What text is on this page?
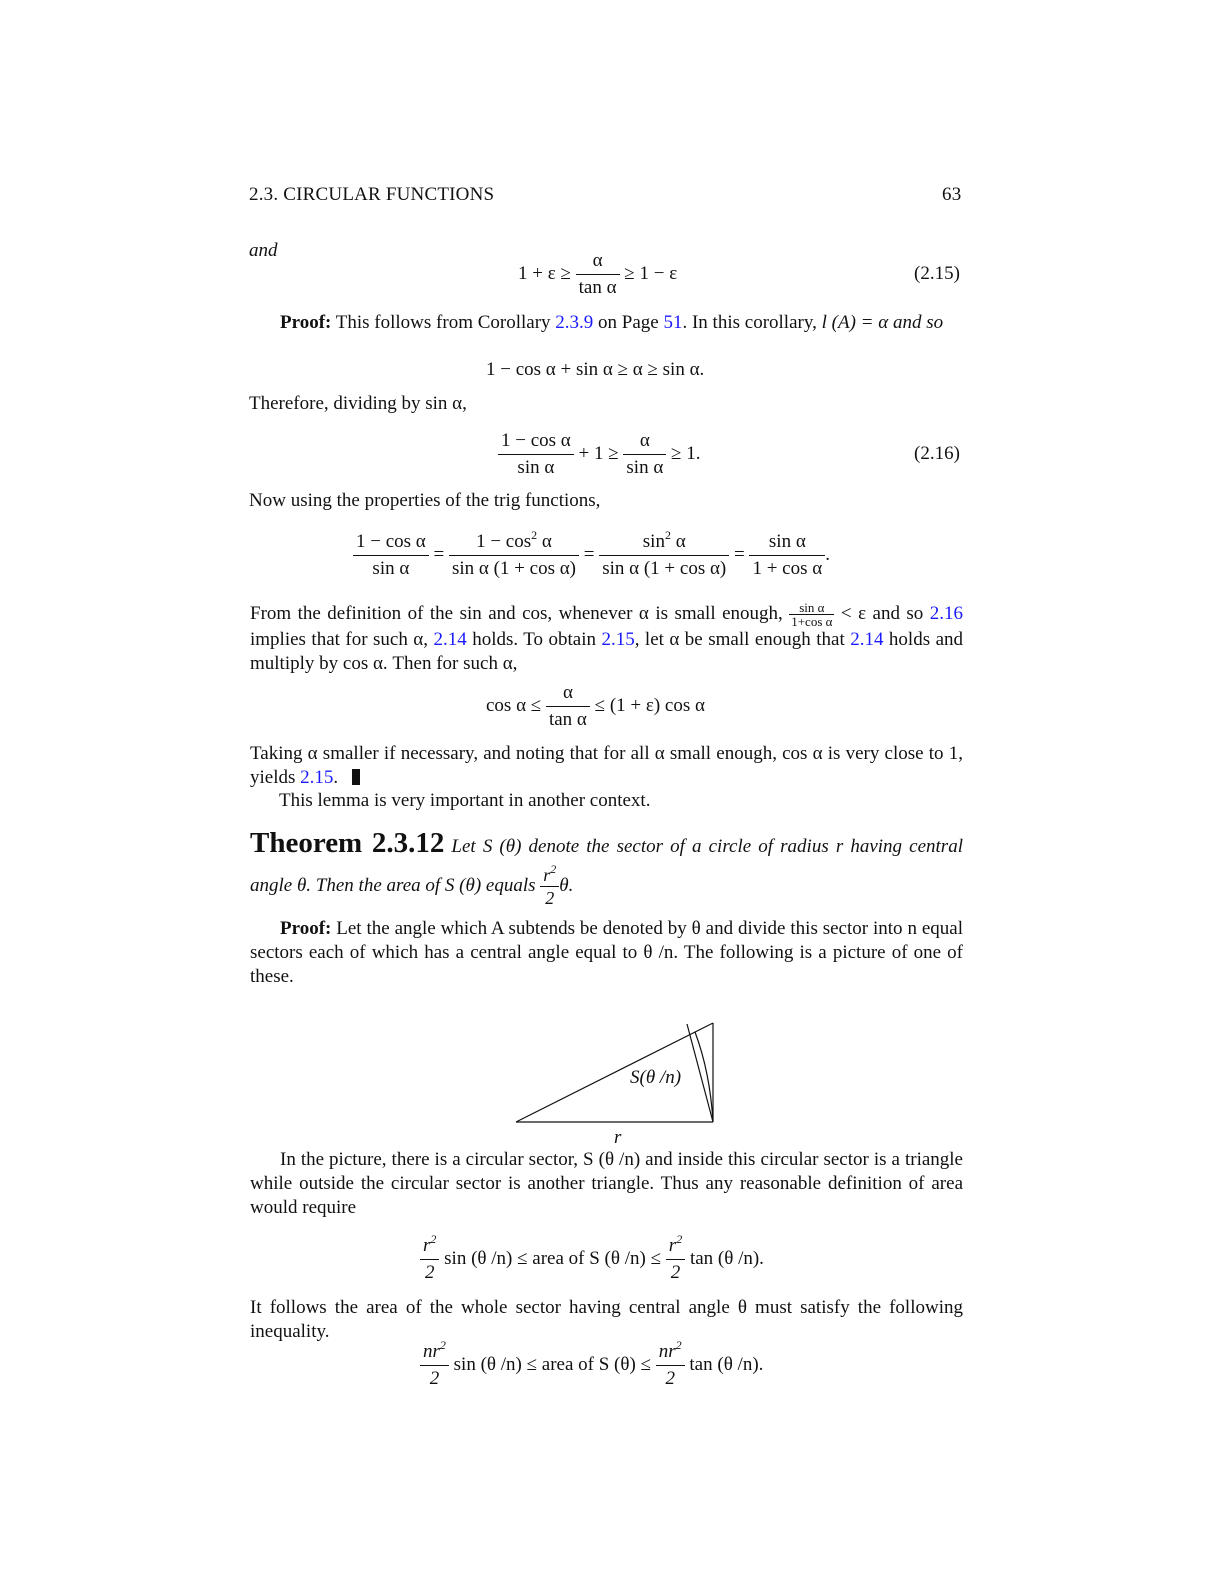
2.3. CIRCULAR FUNCTIONS	63
and
$1 + \varepsilon \ge \frac{\alpha}{\text{tan α}} \ge 1 - \varepsilon$	(2.15)
Proof: This follows from Corollary 2.3.9 on Page 51. In this corollary, l (A) = α and so
1 − cos α + sin α ≥ α ≥ sin α.
Therefore, dividing by sin α,
$\frac{\text{1 − cos α}}{\text{sin α}} + 1 \ge \frac{\alpha}{\text{sin α}} \ge 1$.	(2.16)
Now using the properties of the trig functions,
$\frac{\text{1 − cos α}}{\text{sin α}} = \frac{1 - \cos^2 \alpha}{\text{sin α (1 + cos α)}} = \frac{\sin^2 \alpha}{\text{sin α (1 + cos α)}} = \frac{\text{sin α}}{\text{1 + cos α}}$ .
From the definition of the sin and cos, whenever α is small enough, $\frac{\text{sin α}}{\text{1+cos α}} < \varepsilon$ and so 2.16 implies that for such α, 2.14 holds. To obtain 2.15, let α be small enough that 2.14 holds and multiply by cos α. Then for such α,
$\cos \alpha \le \frac{\alpha}{\text{tan α}} \le (1 + \varepsilon)$ cos α
Taking α smaller if necessary, and noting that for all α small enough, cos α is very close to 1, yields 2.15.
This lemma is very important in another context.
Theorem 2.3.12 Let S (θ) denote the sector of a circle of radius r having central angle θ. Then the area of S (θ) equals $\frac{r^2}{2} \theta$.
Proof: Let the angle which A subtends be denoted by θ and divide this sector into n equal sectors each of which has a central angle equal to θ /n. The following is a picture of one of these.
S(θ /n)
r
In the picture, there is a circular sector, S (θ /n) and inside this circular sector is a triangle while outside the circular sector is another triangle. Thus any reasonable definition of area would require
$\frac{r^2}{2}$ sin (θ /n) ≤ area of S (θ $/n) \le \frac{r^2}{2}$ tan (θ /n).
It follows the area of the whole sector having central angle θ must satisfy the following inequality.
$\frac{nr^2}{2}$ sin (θ /n) ≤ area of S $(\theta) \le \frac{nr^2}{2}$ tan (θ /n).
